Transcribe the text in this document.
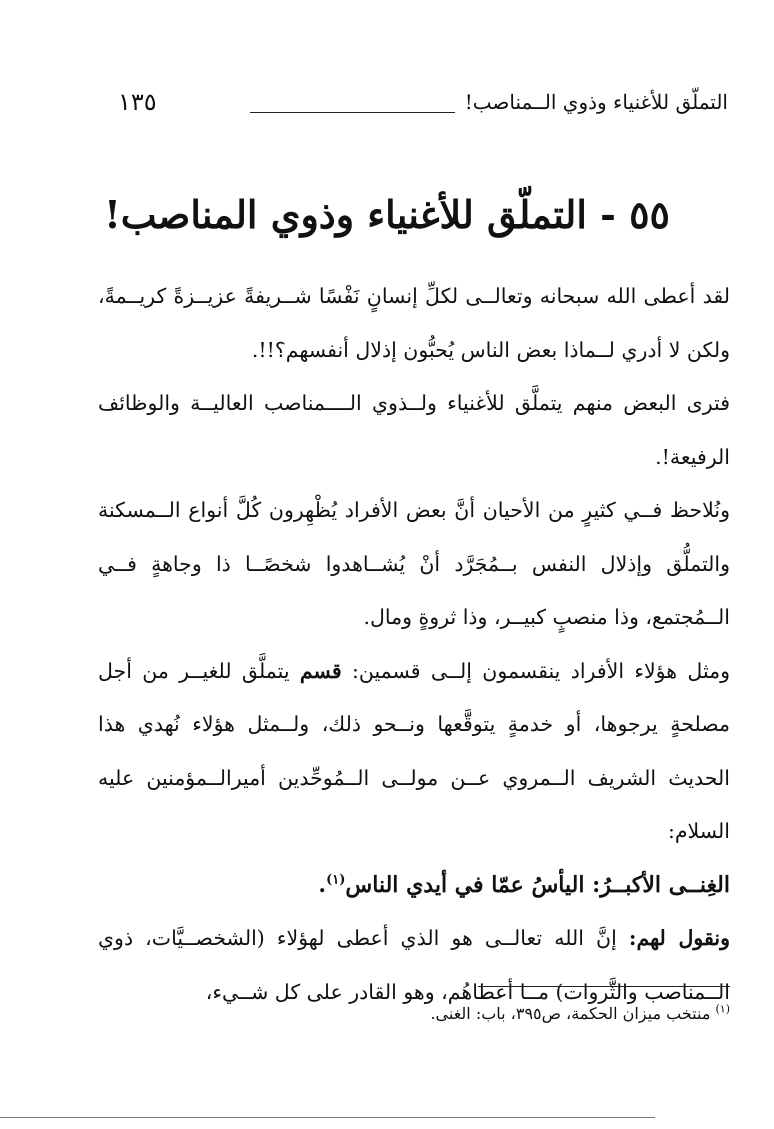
التملّق للأغنياء وذوي الــمناصب!
١٣٥
٥٥ - التملّق للأغنياء وذوي المناصب!

لقد أعطى الله سبحانه وتعالــى لكلِّ إنسانٍ نَفْسًا شــريفةً عزيــزةً كريــمةً، ولكن لا أدري لــماذا بعض الناس يُحبُّون إذلال أنفسهم؟!!.

فترى البعض منهم يتملَّق للأغنياء ولــذوي الــــمناصب العاليــة والوظائف الرفيعة!.

ونُلاحظ فــي كثيرٍ من الأحيان أنَّ بعض الأفراد يُظْهِرون كُلَّ أنواع الــمسكنة والتملُّق وإذلال النفس بــمُجَرَّد أنْ يُشــاهدوا شخصًــا ذا وجاهةٍ فــي الــمُجتمع، وذا منصبٍ كبيــر، وذا ثروةٍ ومال.

ومثل هؤلاء الأفراد ينقسمون إلــى قسمين: قسم يتملَّق للغيــر من أجل مصلحةٍ يرجوها، أو خدمةٍ يتوقَّعها ونــحو ذلك، ولــمثل هؤلاء نُهدي هذا الحديث الشريف الــمروي عــن مولــى الــمُوحِّدين أميرالــمؤمنين عليه السلام:

الغِنــى الأكبــرُ: اليأسُ عمّا في أيدي الناس$^{(١)}$.

ونقول لهم: إنَّ الله تعالــى هو الذي أعطى لهؤلاء (الشخصــيَّات، ذوي الــمناصب والثَّروات) مــا أعطاهُم، وهو القادر على كل شــيء،

$^{(١)}$ منتخب ميزان الحكمة، ص٣٩٥، باب: الغنى.
